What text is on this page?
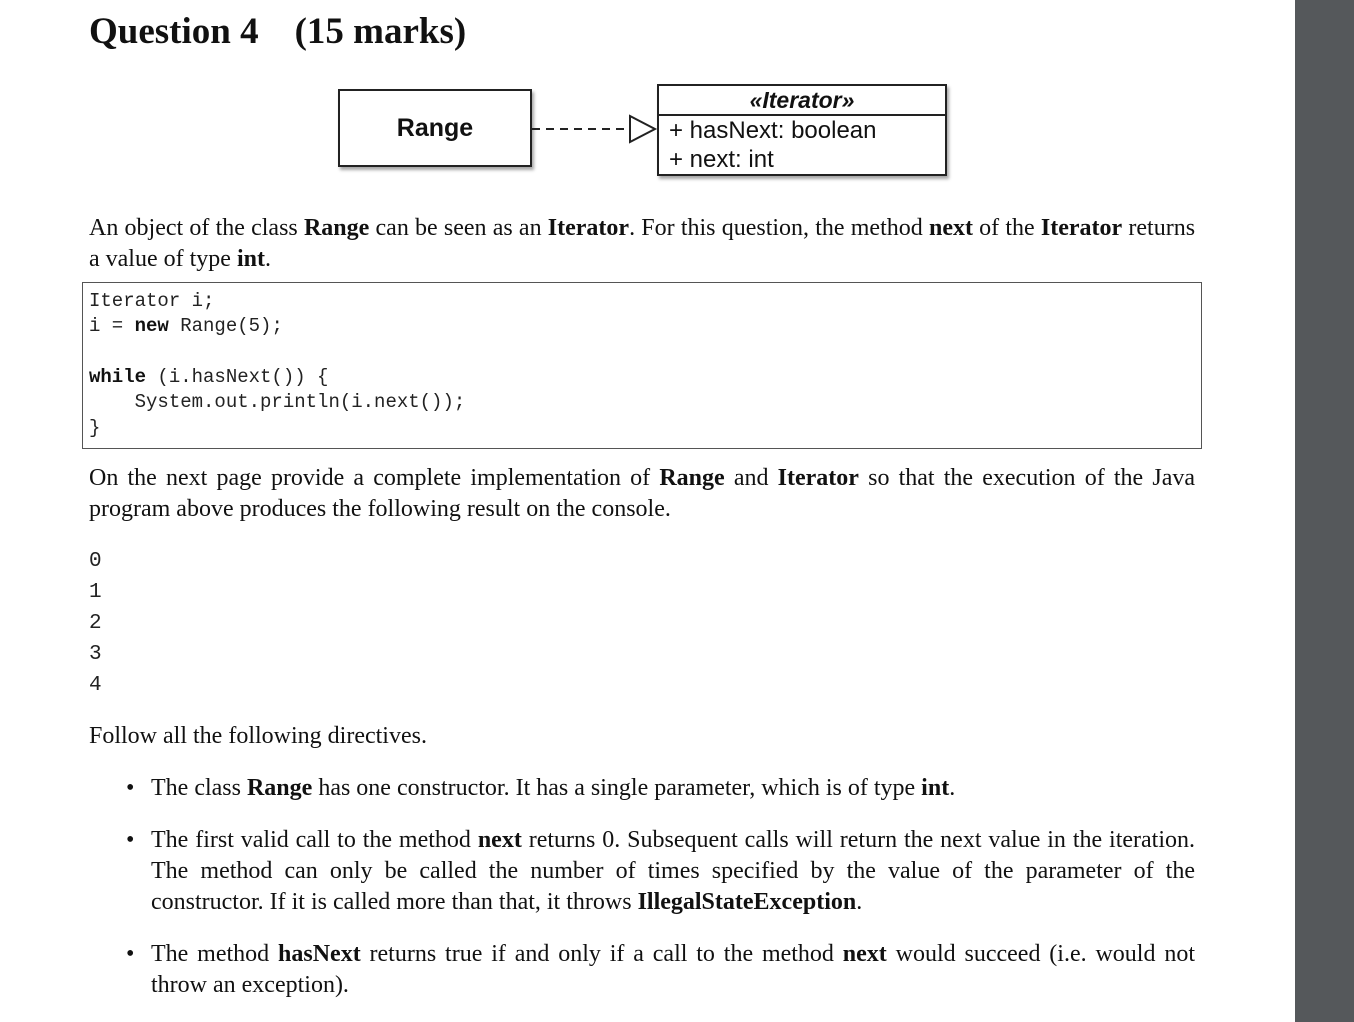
Question 4 (15 marks)
Range
«Iterator»
+ hasNext: boolean
+ next: int
An object of the class Range can be seen as an Iterator. For this question, the method next of the Iterator returns a value of type int.
Iterator i;
i = new Range(5);
while (i.hasNext()) {
System.out.println(i.next());
}
On the next page provide a complete implementation of Range and Iterator so that the execution of the Java program above produces the following result on the console.
0
1
2
3
4
Follow all the following directives.
• The class Range has one constructor. It has a single parameter, which is of type int.
• The first valid call to the method next returns 0. Subsequent calls will return the next value in the iteration. The method can only be called the number of times specified by the value of the parameter of the constructor. If it is called more than that, it throws IllegalStateException.
• The method hasNext returns true if and only if a call to the method next would succeed (i.e. would not throw an exception).
